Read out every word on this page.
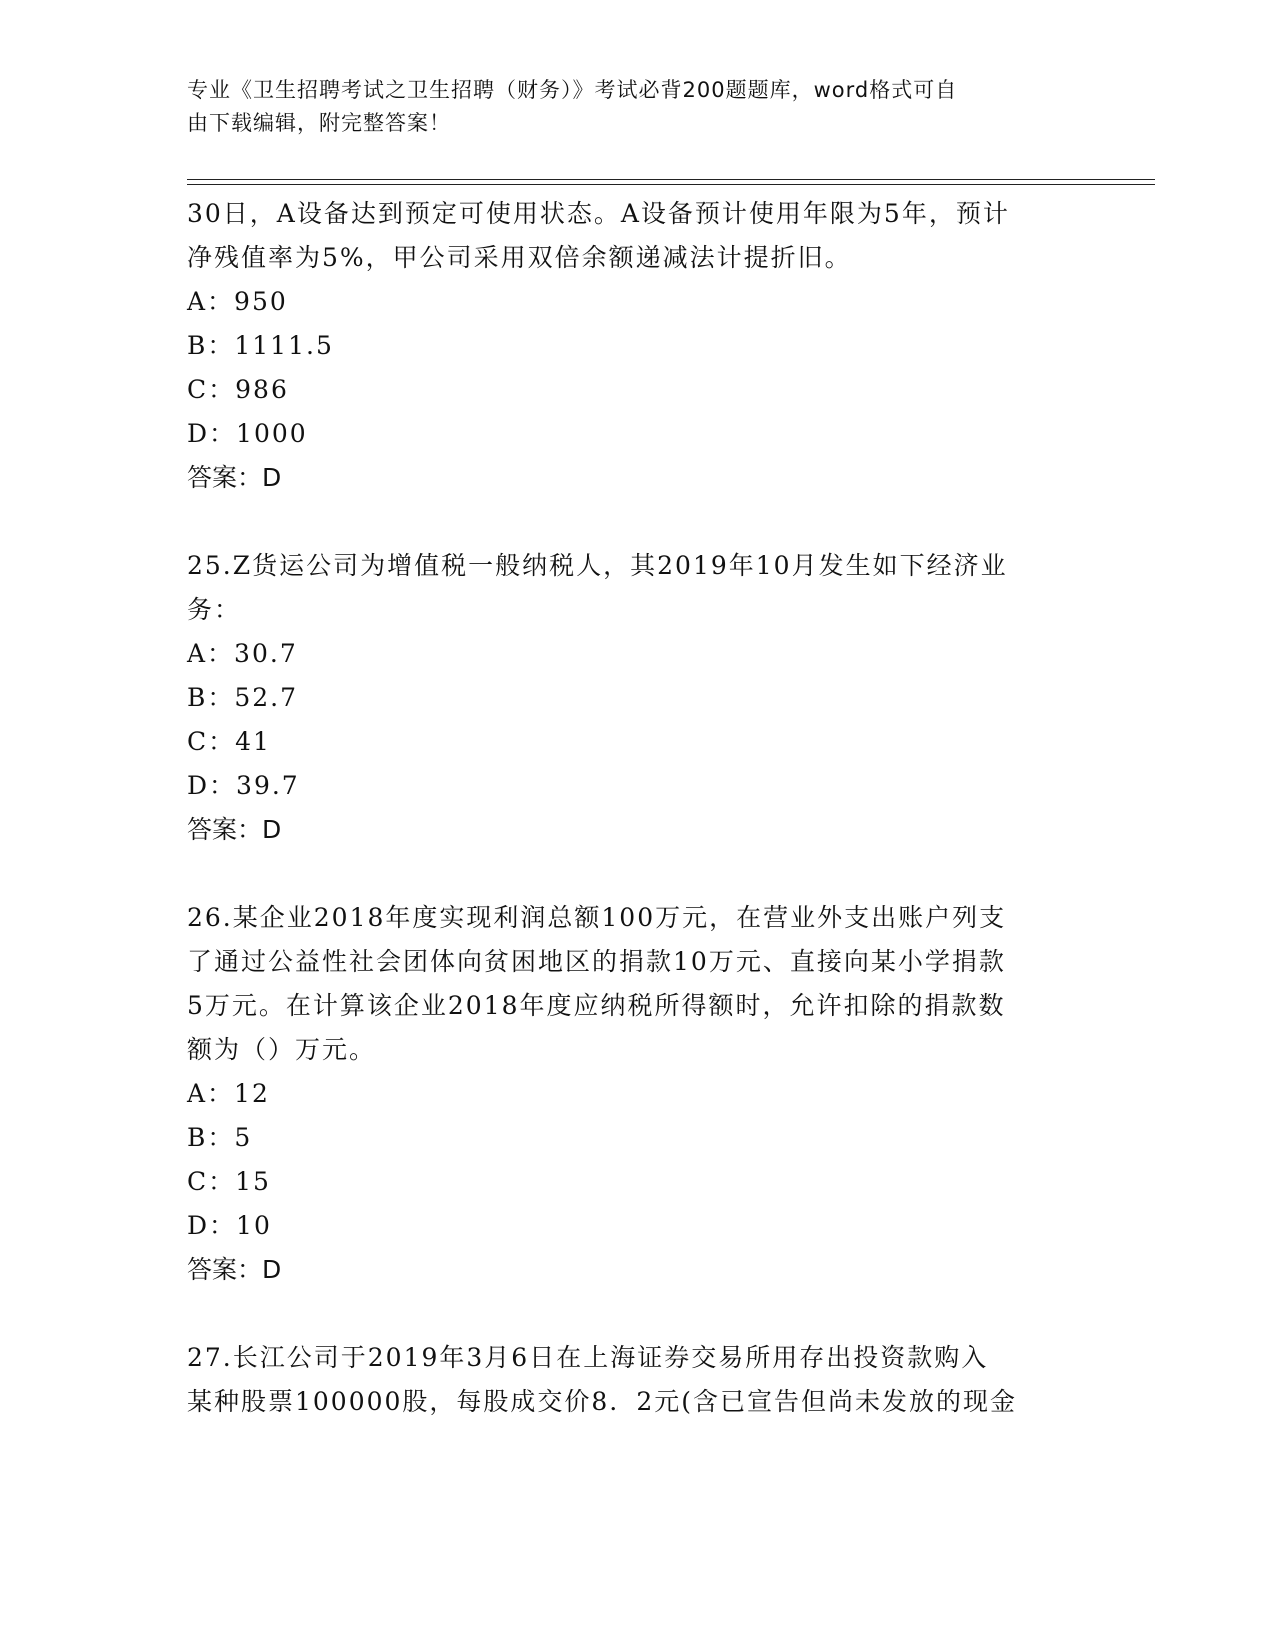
专业《卫生招聘考试之卫生招聘（财务）》考试必背200题题库，word格式可自
由下载编辑，附完整答案！
30日，A设备达到预定可使用状态。A设备预计使用年限为5年，预计
净残值率为5%，甲公司采用双倍余额递减法计提折旧。
A：950
B：1111.5
C：986
D：1000
答案：D
25.Z货运公司为增值税一般纳税人，其2019年10月发生如下经济业
务：
A：30.7
B：52.7
C：41
D：39.7
答案：D
26.某企业2018年度实现利润总额100万元，在营业外支出账户列支
了通过公益性社会团体向贫困地区的捐款10万元、直接向某小学捐款
5万元。在计算该企业2018年度应纳税所得额时，允许扣除的捐款数
额为（）万元。
A：12
B：5
C：15
D：10
答案：D
27.长江公司于2019年3月6日在上海证券交易所用存出投资款购入
某种股票100000股，每股成交价8．2元(含已宣告但尚未发放的现金
